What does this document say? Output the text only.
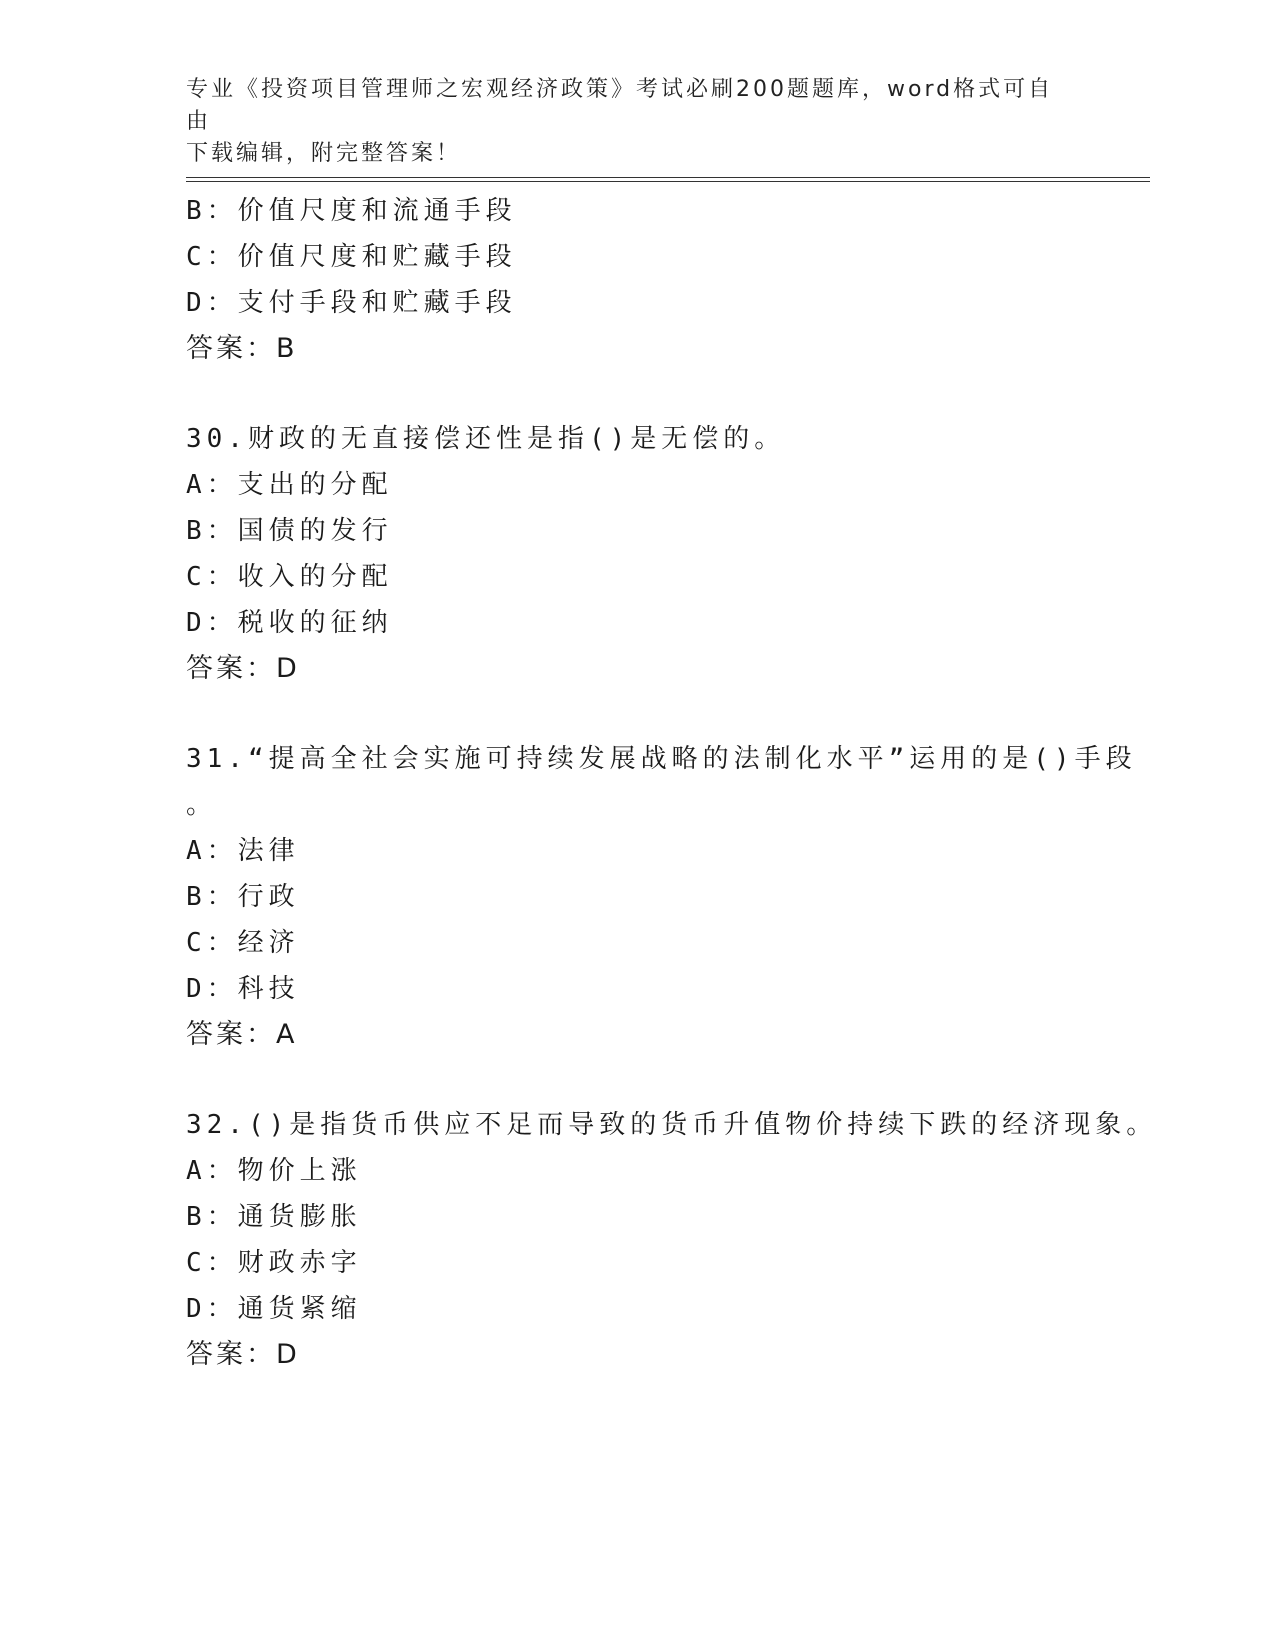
专业《投资项目管理师之宏观经济政策》考试必刷200题题库，word格式可自由
下载编辑，附完整答案！
B：价值尺度和流通手段
C：价值尺度和贮藏手段
D：支付手段和贮藏手段
答案：B
30.财政的无直接偿还性是指()是无偿的。
A：支出的分配
B：国债的发行
C：收入的分配
D：税收的征纳
答案：D
31.“提高全社会实施可持续发展战略的法制化水平”运用的是()手段
。
A：法律
B：行政
C：经济
D：科技
答案：A
32.()是指货币供应不足而导致的货币升值物价持续下跌的经济现象。
A：物价上涨
B：通货膨胀
C：财政赤字
D：通货紧缩
答案：D
